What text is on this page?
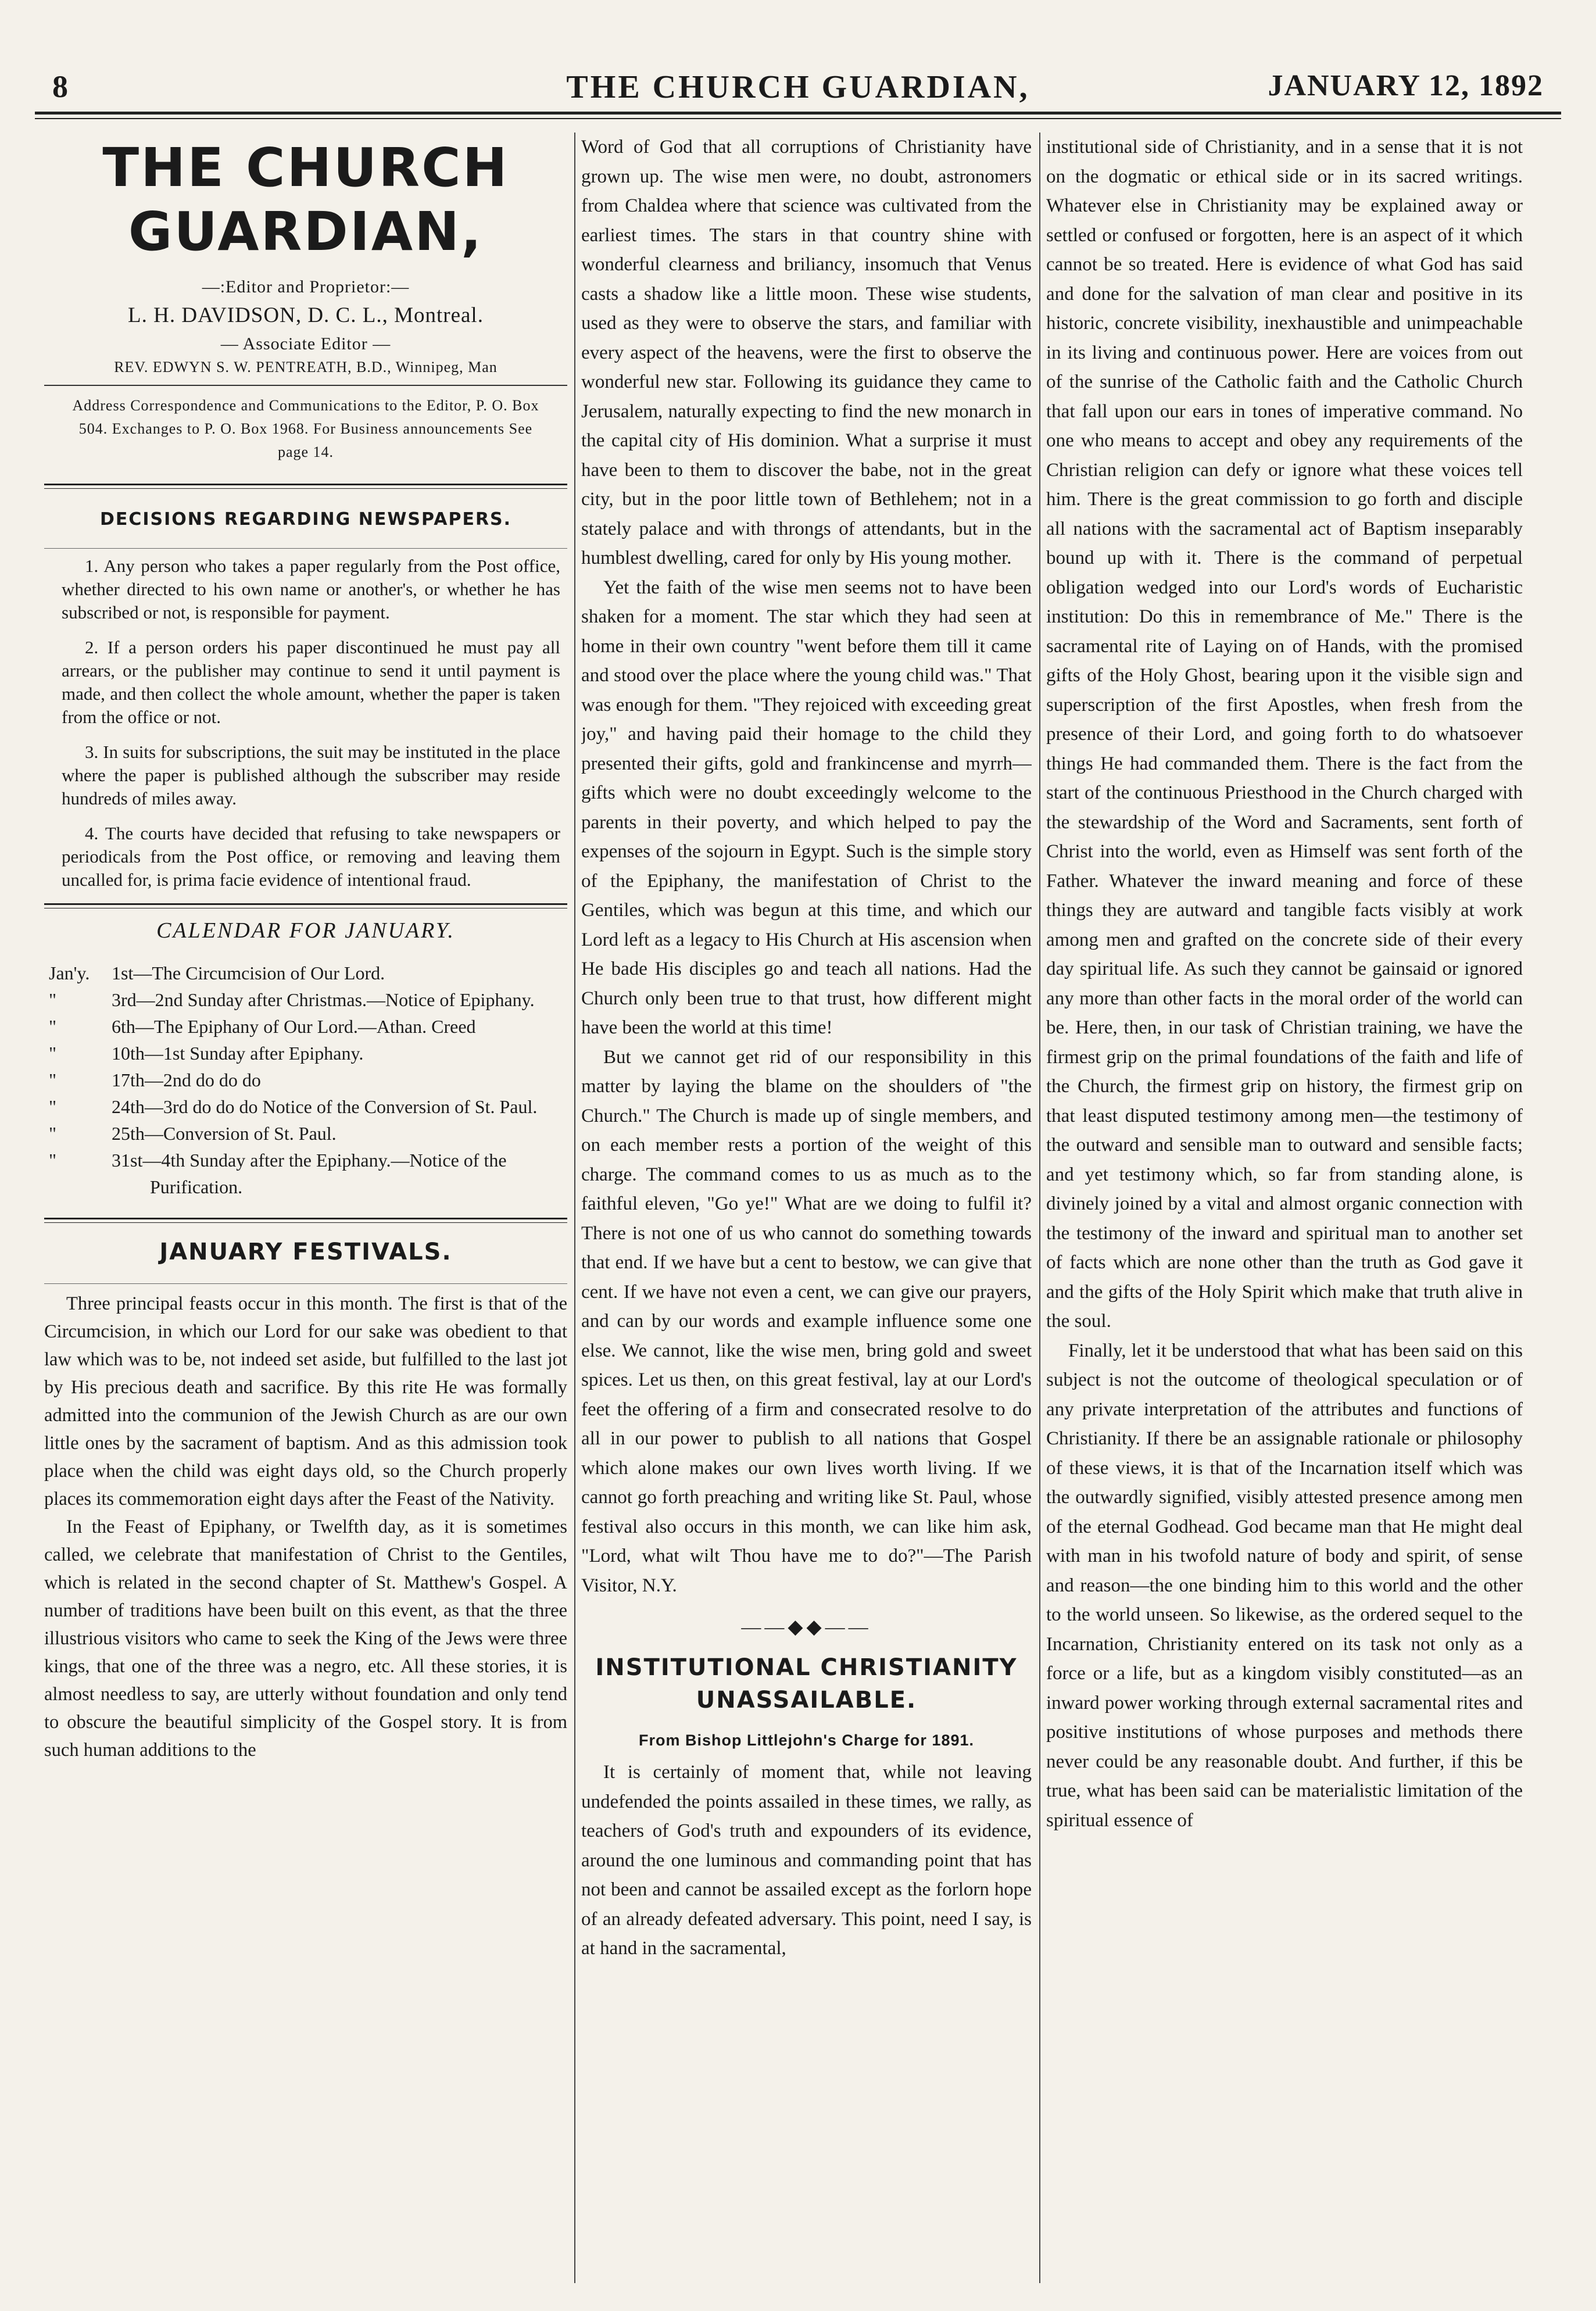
8	THE CHURCH GUARDIAN,	JANUARY 12, 1892
THE CHURCH GUARDIAN,
—:Editor and Proprietor:—
L. H. DAVIDSON, D. C. L., Montreal.
— Associate Editor —
REV. EDWYN S. W. PENTREATH, B.D., Winnipeg, Man
Address Correspondence and Communications to the Editor, P. O. Box 504. Exchanges to P. O. Box 1968. For Business announcements See page 14.
DECISIONS REGARDING NEWSPAPERS.

1. Any person who takes a paper regularly from the Post office, whether directed to his own name or another's, or whether he has subscribed or not, is responsible for payment.

2. If a person orders his paper discontinued he must pay all arrears, or the publisher may continue to send it until payment is made, and then collect the whole amount, whether the paper is taken from the office or not.

3. In suits for subscriptions, the suit may be instituted in the place where the paper is published although the subscriber may reside hundreds of miles away.

4. The courts have decided that refusing to take newspapers or periodicals from the Post office, or removing and leaving them uncalled for, is prima facie evidence of intentional fraud.

CALENDAR FOR JANUARY.
Jan'y.	1st—The Circumcision of Our Lord.
"	3rd—2nd Sunday after Christmas.—Notice of Epiphany.
"	6th—The Epiphany of Our Lord.—Athan. Creed
"	10th—1st Sunday after Epiphany.
"	17th—2nd do do do
"	24th—3rd do do do Notice of the Conversion of St. Paul.
"	25th—Conversion of St. Paul.
"	31st—4th Sunday after the Epiphany.—Notice of the Purification.
JANUARY FESTIVALS.

Three principal feasts occur in this month. The first is that of the Circumcision, in which our Lord for our sake was obedient to that law which was to be, not indeed set aside, but fulfilled to the last jot by His precious death and sacrifice. By this rite He was formally admitted into the communion of the Jewish Church as are our own little ones by the sacrament of baptism. And as this admission took place when the child was eight days old, so the Church properly places its commemoration eight days after the Feast of the Nativity.

In the Feast of Epiphany, or Twelfth day, as it is sometimes called, we celebrate that manifestation of Christ to the Gentiles, which is related in the second chapter of St. Matthew's Gospel. A number of traditions have been built on this event, as that the three illustrious visitors who came to seek the King of the Jews were three kings, that one of the three was a negro, etc. All these stories, it is almost needless to say, are utterly without foundation and only tend to obscure the beautiful simplicity of the Gospel story. It is from such human additions to the

Word of God that all corruptions of Christianity have grown up. The wise men were, no doubt, astronomers from Chaldea where that science was cultivated from the earliest times. The stars in that country shine with wonderful clearness and briliancy, insomuch that Venus casts a shadow like a little moon. These wise students, used as they were to observe the stars, and familiar with every aspect of the heavens, were the first to observe the wonderful new star. Following its guidance they came to Jerusalem, naturally expecting to find the new monarch in the capital city of His dominion. What a surprise it must have been to them to discover the babe, not in the great city, but in the poor little town of Bethlehem; not in a stately palace and with throngs of attendants, but in the humblest dwelling, cared for only by His young mother.

Yet the faith of the wise men seems not to have been shaken for a moment. The star which they had seen at home in their own country "went before them till it came and stood over the place where the young child was." That was enough for them. "They rejoiced with exceeding great joy," and having paid their homage to the child they presented their gifts, gold and frankincense and myrrh—gifts which were no doubt exceedingly welcome to the parents in their poverty, and which helped to pay the expenses of the sojourn in Egypt. Such is the simple story of the Epiphany, the manifestation of Christ to the Gentiles, which was begun at this time, and which our Lord left as a legacy to His Church at His ascension when He bade His disciples go and teach all nations. Had the Church only been true to that trust, how different might have been the world at this time!

But we cannot get rid of our responsibility in this matter by laying the blame on the shoulders of "the Church." The Church is made up of single members, and on each member rests a portion of the weight of this charge. The command comes to us as much as to the faithful eleven, "Go ye!" What are we doing to fulfil it? There is not one of us who cannot do something towards that end. If we have but a cent to bestow, we can give that cent. If we have not even a cent, we can give our prayers, and can by our words and example influence some one else. We cannot, like the wise men, bring gold and sweet spices. Let us then, on this great festival, lay at our Lord's feet the offering of a firm and consecrated resolve to do all in our power to publish to all nations that Gospel which alone makes our own lives worth living. If we cannot go forth preaching and writing like St. Paul, whose festival also occurs in this month, we can like him ask, "Lord, what wilt Thou have me to do?"—The Parish Visitor, N.Y.

——◆◆——
INSTITUTIONAL CHRISTIANITY UNASSAILABLE.
From Bishop Littlejohn's Charge for 1891.

It is certainly of moment that, while not leaving undefended the points assailed in these times, we rally, as teachers of God's truth and expounders of its evidence, around the one luminous and commanding point that has not been and cannot be assailed except as the forlorn hope of an already defeated adversary. This point, need I say, is at hand in the sacramental,

institutional side of Christianity, and in a sense that it is not on the dogmatic or ethical side or in its sacred writings. Whatever else in Christianity may be explained away or settled or confused or forgotten, here is an aspect of it which cannot be so treated. Here is evidence of what God has said and done for the salvation of man clear and positive in its historic, concrete visibility, inexhaustible and unimpeachable in its living and continuous power. Here are voices from out of the sunrise of the Catholic faith and the Catholic Church that fall upon our ears in tones of imperative command. No one who means to accept and obey any requirements of the Christian religion can defy or ignore what these voices tell him. There is the great commission to go forth and disciple all nations with the sacramental act of Baptism inseparably bound up with it. There is the command of perpetual obligation wedged into our Lord's words of Eucharistic institution: Do this in remembrance of Me." There is the sacramental rite of Laying on of Hands, with the promised gifts of the Holy Ghost, bearing upon it the visible sign and superscription of the first Apostles, when fresh from the presence of their Lord, and going forth to do whatsoever things He had commanded them. There is the fact from the start of the continuous Priesthood in the Church charged with the stewardship of the Word and Sacraments, sent forth of Christ into the world, even as Himself was sent forth of the Father. Whatever the inward meaning and force of these things they are autward and tangible facts visibly at work among men and grafted on the concrete side of their every day spiritual life. As such they cannot be gainsaid or ignored any more than other facts in the moral order of the world can be. Here, then, in our task of Christian training, we have the firmest grip on the primal foundations of the faith and life of the Church, the firmest grip on history, the firmest grip on that least disputed testimony among men—the testimony of the outward and sensible man to outward and sensible facts; and yet testimony which, so far from standing alone, is divinely joined by a vital and almost organic connection with the testimony of the inward and spiritual man to another set of facts which are none other than the truth as God gave it and the gifts of the Holy Spirit which make that truth alive in the soul.

Finally, let it be understood that what has been said on this subject is not the outcome of theological speculation or of any private interpretation of the attributes and functions of Christianity. If there be an assignable rationale or philosophy of these views, it is that of the Incarnation itself which was the outwardly signified, visibly attested presence among men of the eternal Godhead. God became man that He might deal with man in his twofold nature of body and spirit, of sense and reason—the one binding him to this world and the other to the world unseen. So likewise, as the ordered sequel to the Incarnation, Christianity entered on its task not only as a force or a life, but as a kingdom visibly constituted—as an inward power working through external sacramental rites and positive institutions of whose purposes and methods there never could be any reasonable doubt. And further, if this be true, what has been said can be materialistic limitation of the spiritual essence of
